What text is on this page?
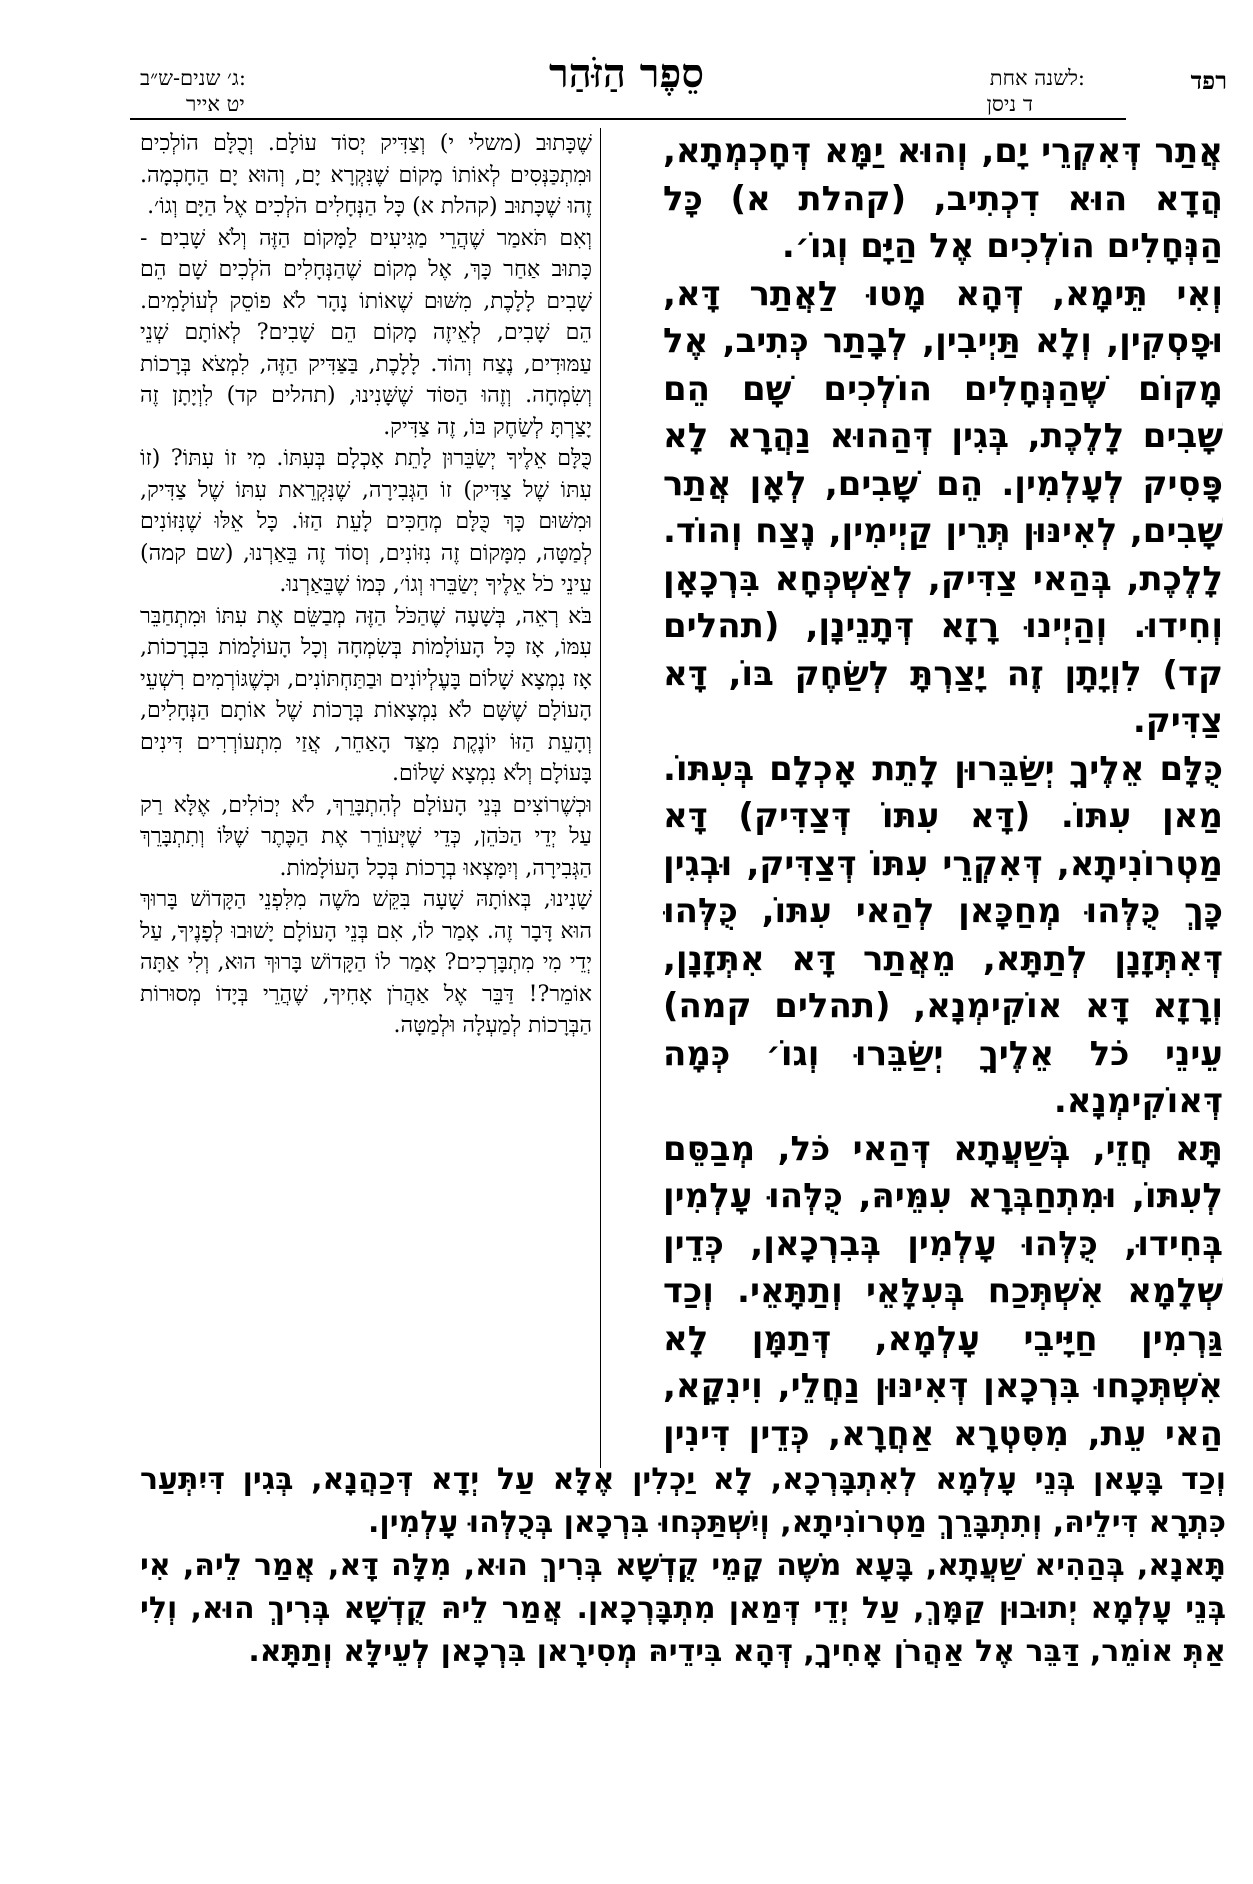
רפד
לשנה אחת:
ד ניסן
סֵפֶר הַזֹּהַר
ג׳ שנים-ש״ב:
יט אייר

אֲתַר דְּאִקְרֵי יָם, וְהוּא יַמָּא דְּחָכְמְתָא, הֲדָא הוּא דִכְתִיב, (קהלת א) כָּל הַנְּחָלִים הוֹלְכִים אֶל הַיָּם וְגוֹ׳.

וְאִי תֵּימָא, דְּהָא מָטוּ לַאֲתַר דָּא, וּפָסְקִין, וְלָא תַּיְיבִין, לְבָתַר כְּתִיב, אֶל מָקוֹם שֶׁהַנְּחָלִים הוֹלְכִים שָׁם הֵם שָׁבִים לָלֶכֶת, בְּגִין דְּהַהוּא נַהֲרָא לָא פָּסִיק לְעָלְמִין. הֵם שָׁבִים, לְאָן אֲתַר שָׁבִים, לְאִינּוּן תְּרֵין קַיְימִין, נֶצַח וְהוֹד. לָלֶכֶת, בְּהַאי צַדִּיק, לְאַשְׁכְּחָא בִּרְכָאָן וְחִידוּ. וְהַיְינוּ רָזָא דְּתָנֵינָן, (תהלים קד) לִוְיָתָן זֶה יָצַרְתָּ לְשַׂחֶק בּוֹ, דָּא צַדִּיק.

כֻּלָּם אֵלֶיךָ יְשַׂבֵּרוּן לָתֵת אָכְלָם בְּעִתּוֹ. מַאן עִתּוֹ. (דָּא עִתּוֹ דְּצַדִּיק) דָּא מַטְרוֹנִיתָא, דְּאִקְרֵי עִתּוֹ דְּצַדִּיק, וּבְגִין כָּךְ כֻּלְּהוּ מְחַכָּאן לְהַאי עִתּוֹ, כֻּלְּהוּ דְּאִתְּזָנָן לְתַתָּא, מֵאֲתַר דָּא אִתְּזָנָן, וְרָזָא דָּא אוֹקִימְנָא, (תהלים קמה) עֵינֵי כֹל אֵלֶיךָ יְשַׂבֵּרוּ וְגוֹ׳ כְּמָה דְּאוֹקִימְנָא.

תָּא חֲזֵי, בְּשַׁעֲתָא דְּהַאי כֹּל, מְבַסֵּם לְעִתּוֹ, וּמִתְחַבְּרָא עִמֵּיהּ, כֻּלְּהוּ עָלְמִין בְּחִידוּ, כֻּלְּהוּ עָלְמִין בְּבִרְכָאן, כְּדֵין שְׁלָמָא אִשְׁתְּכַח בְּעִלָּאֵי וְתַתָּאֵי. וְכַד גַּרְמִין חַיָּיבֵי עָלְמָא, דְּתַמָּן לָא אִשְׁתְּכָחוּ בִּרְכָאן דְּאִינּוּן נַחֲלֵי, וִינִקָא, הַאי עֵת, מִסִּטְרָא אַחֲרָא, כְּדֵין דִּינִין

שֶׁכָּתוּב (משלי י) וְצַדִּיק יְסוֹד עוֹלָם. וְכֻלָּם הוֹלְכִים וּמִתְכַּנְּסִים לְאוֹתוֹ מָקוֹם שֶׁנִּקְרָא יָם, וְהוּא יָם הַחָכְמָה. זֶהוּ שֶׁכָּתוּב (קהלת א) כָּל הַנְּחָלִים הֹלְכִים אֶל הַיָּם וְגוֹ׳.

וְאִם תֹּאמַר שֶׁהֲרֵי מַגִּיעִים לַמָּקוֹם הַזֶּה וְלֹא שָׁבִים - כָּתוּב אַחַר כָּךְ, אֶל מְקוֹם שֶׁהַנְּחָלִים הֹלְכִים שָׁם הֵם שָׁבִים לָלָכֶת, מִשּׁוּם שֶׁאוֹתוֹ נָהָר לֹא פוֹסֵק לְעוֹלָמִים. הֵם שָׁבִים, לְאֵיזֶה מָקוֹם הֵם שָׁבִים? לְאוֹתָם שְׁנֵי עַמּוּדִים, נֶצַח וְהוֹד. לָלָכֶת, בַּצַּדִּיק הַזֶּה, לִמְצֹא בְּרָכוֹת וְשִׂמְחָה. וְזֶהוּ הַסּוֹד שֶׁשָּׁנִינוּ, (תהלים קד) לִוְיָתָן זֶה יָצַרְתָּ לְשַׂחֶק בּוֹ, זֶה צַדִּיק.

כֻּלָּם אֵלֶיךָ יְשַׂבֵּרוּן לָתֵת אָכְלָם בְּעִתּוֹ. מִי זוֹ עִתּוֹ? (זוֹ עִתּוֹ שֶׁל צַדִּיק) זוֹ הַגְּבִירָה, שֶׁנִּקְרֵאת עִתּוֹ שֶׁל צַדִּיק, וּמִשּׁוּם כָּךְ כֻּלָּם מְחַכִּים לָעֵת הַזּוֹ. כָּל אֵלּוּ שֶׁנִּזּוֹנִים לְמַטָּה, מִמָּקוֹם זֶה נִזּוֹנִים, וְסוֹד זֶה בֵּאַרְנוּ, (שם קמה) עֵינֵי כֹל אֵלֶיךָ יְשַׂבֵּרוּ וְגוֹ׳, כְּמוֹ שֶׁבֵּאַרְנוּ.

בֹּא רְאֵה, בְּשָׁעָה שֶׁהַכֹּל הַזֶּה מְבַשֵּׂם אֶת עִתּוֹ וּמִתְחַבֵּר עִמּוֹ, אָז כָּל הָעוֹלָמוֹת בְּשִׂמְחָה וְכָל הָעוֹלָמוֹת בִּבְרָכוֹת, אָז נִמְצָא שָׁלוֹם בָּעֶלְיוֹנִים וּבַתַּחְתּוֹנִים, וּכְשֶׁגּוֹרְמִים רִשְׁעֵי הָעוֹלָם שֶׁשָּׁם לֹא נִמְצָאוֹת בְּרָכוֹת שֶׁל אוֹתָם הַנְּחָלִים, וְהָעֵת הַזּוֹ יוֹנֶקֶת מִצַּד הָאַחֵר, אֲזַי מִתְעוֹרְרִים דִּינִים בָּעוֹלָם וְלֹא נִמְצָא שָׁלוֹם.

וּכְשֶׁרוֹצִים בְּנֵי הָעוֹלָם לְהִתְבָּרֵךְ, לֹא יְכוֹלִים, אֶלָּא רַק עַל יְדֵי הַכֹּהֵן, כְּדֵי שֶׁיְּעוֹרֵר אֶת הַכֶּתֶר שֶׁלּוֹ וְתִתְבָּרֵךְ הַגְּבִירָה, וְיִמָּצְאוּ בְרָכוֹת בְּכָל הָעוֹלָמוֹת.

שָׁנִינוּ, בְּאוֹתָהּ שָׁעָה בִּקֵּשׁ מֹשֶׁה מִלִּפְנֵי הַקָּדוֹשׁ בָּרוּךְ הוּא דָּבָר זֶה. אָמַר לוֹ, אִם בְּנֵי הָעוֹלָם יָשׁוּבוּ לְפָנֶיךָ, עַל יְדֵי מִי מִתְבָּרְכִים? אָמַר לוֹ הַקָּדוֹשׁ בָּרוּךְ הוּא, וְלִי אַתָּה אוֹמֵר?! דַּבֵּר אֶל אַהֲרֹן אָחִיךָ, שֶׁהֲרֵי בְּיָדוֹ מְסוּרוֹת הַבְּרָכוֹת לְמַעְלָה וּלְמַטָּה.

וְכַד בָּעָאן בְּנֵי עָלְמָא לְאִתְבָּרְכָא, לָא יַכְלִין אֶלָּא עַל יְדָא דְּכַהֲנָא, בְּגִין דִּיִתְּעַר כִּתְרָא דִּילֵיהּ, וְתִתְבָּרֵךְ מַטְרוֹנִיתָא, וְיִשְׁתַּכְּחוּ בִּרְכָאן בְּכֻלְּהוּ עָלְמִין.

תָּאנָא, בְּהַהִיא שַׁעֲתָא, בָּעָא מֹשֶׁה קָמֵי קֻדְשָׁא בְּרִיךְ הוּא, מִלָּה דָּא, אֲמַר לֵיהּ, אִי בְּנֵי עָלְמָא יְתוּבוּן קַמָּךְ, עַל יְדֵי דְּמַאן מִתְבָּרְכָאן. אֲמַר לֵיהּ קֻדְשָׁא בְּרִיךְ הוּא, וְלִי אַתְּ אוֹמֵר, דַּבֵּר אֶל אַהֲרֹן אָחִיךָ, דְּהָא בִּידֵיהּ מְסִירָאן בִּרְכָאן לְעֵילָּא וְתַתָּא.
